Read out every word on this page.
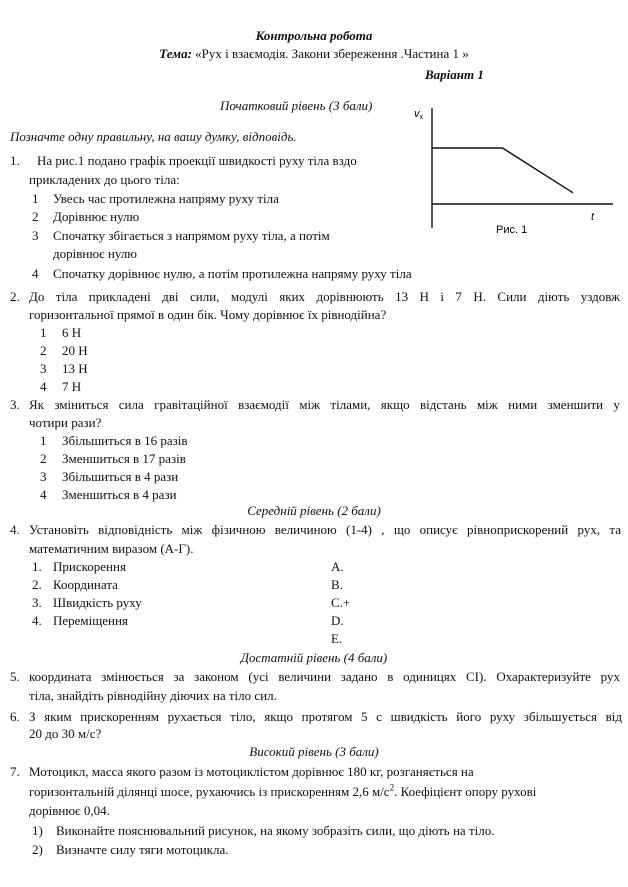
Контрольна робота
Тема: «Рух і взаємодія. Закони збереження .Частина 1 »
Варіант 1
Початковий рівень (3 бали)
Позначте одну правильну, на вашу думку, відповідь.
vx
t
Рис. 1
1. На рис.1 подано графік проекції швидкості руху тіла вздо
прикладених до цього тіла:
1 Увесь час протилежна напряму руху тіла
2 Дорівнює нулю
3 Спочатку збігається з напрямом руху тіла, а потім
дорівнює нулю
4 Спочатку дорівнює нулю, а потім протилежна напряму руху тіла
2. До тіла прикладені дві сили, модулі яких дорівнюють 13 Н і 7 Н. Сили діють уздовж
горизонтальної прямої в один бік. Чому дорівнює їх рівнодійна?
1 6 Н
2 20 Н
3 13 Н
4 7 Н
3. Як зміниться сила гравітаційної взаємодії між тілами, якщо відстань між ними зменшити у
чотири рази?
1 Збільшиться в 16 разів
2 Зменшиться в 17 разів
3 Збільшиться в 4 рази
4 Зменшиться в 4 рази
Середній рівень (2 бали)
4. Установіть відповідність між фізичною величиною (1-4) , що описує рівноприскорений рух, та
математичним виразом (А-Г).
1. Прискорення
2. Координата
3. Швидкість руху
4. Переміщення
А.
В.
С.+
D.
Е.
Достатній рівень (4 бали)
5. координата змінюється за законом (усі величини задано в одиницях СІ). Охарактеризуйте рух
тіла, знайдіть рівнодійну діючих на тіло сил.
6. З яким прискоренням рухається тіло, якщо протягом 5 с швидкість його руху збільшується від
20 до 30 м/с?
Високий рівень (3 бали)
7. Мотоцикл, масса якого разом із мотоциклістом дорівнює 180 кг, розганяється на
горизонтальній ділянці шосе, рухаючись із прискоренням 2,6 $м/с^2$. Коефіцієнт опору руховi
дорівнює 0,04.
1) Виконайте пояснювальний рисунок, на якому зобразіть сили, що діють на тіло.
2) Визначте силу тяги мотоцикла.
